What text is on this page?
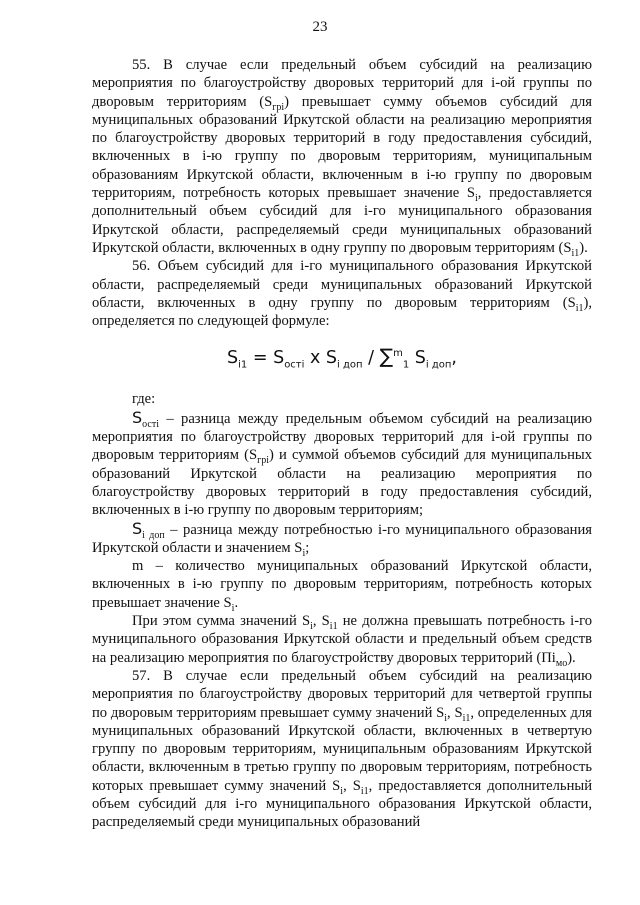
23

55. В случае если предельный объем субсидий на реализацию мероприятия по благоустройству дворовых территорий для i-ой группы по дворовым территориям $(S_{грi})$ превышает сумму объемов субсидий для муниципальных образований Иркутской области на реализацию мероприятия по благоустройству дворовых территорий в году предоставления субсидий, включенных в i-ю группу по дворовым территориям, муниципальным образованиям Иркутской области, включенным в i-ю группу по дворовым территориям, потребность которых превышает значение $S_i$, предоставляется дополнительный объем субсидий для i-го муниципального образования Иркутской области, распределяемый среди муниципальных образований Иркутской области, включенных в одну группу по дворовым территориям $(S_{i1})$.

56. Объем субсидий для i-го муниципального образования Иркутской области, распределяемый среди муниципальных образований Иркутской области, включенных в одну группу по дворовым территориям $(S_{i1})$, определяется по следующей формуле:

$S_{i1} = S_{остi}$ x $S_{i доп} / \sum^m_1$ $S_{i доп}$,

где:

$S_{остi}$ – разница между предельным объемом субсидий на реализацию мероприятия по благоустройству дворовых территорий для i-ой группы по дворовым территориям $(S_{грi})$ и суммой объемов субсидий для муниципальных образований Иркутской области на реализацию мероприятия по благоустройству дворовых территорий в году предоставления субсидий, включенных в i-ю группу по дворовым территориям;

$S_{i доп}$ – разница между потребностью i-го муниципального образования Иркутской области и значением $S_i$;

m – количество муниципальных образований Иркутской области, включенных в i-ю группу по дворовым территориям, потребность которых превышает значение $S_i$.

При этом сумма значений $S_i$, $S_{i1}$ не должна превышать потребность i-го муниципального образования Иркутской области и предельный объем средств на реализацию мероприятия по благоустройству дворовых территорий $(Пi_{мо})$.

57. В случае если предельный объем субсидий на реализацию мероприятия по благоустройству дворовых территорий для четвертой группы по дворовым территориям превышает сумму значений $S_i$, $S_{i1}$, определенных для муниципальных образований Иркутской области, включенных в четвертую группу по дворовым территориям, муниципальным образованиям Иркутской области, включенным в третью группу по дворовым территориям, потребность которых превышает сумму значений $S_i$, $S_{i1}$, предоставляется дополнительный объем субсидий для i-го муниципального образования Иркутской области, распределяемый среди муниципальных образований
